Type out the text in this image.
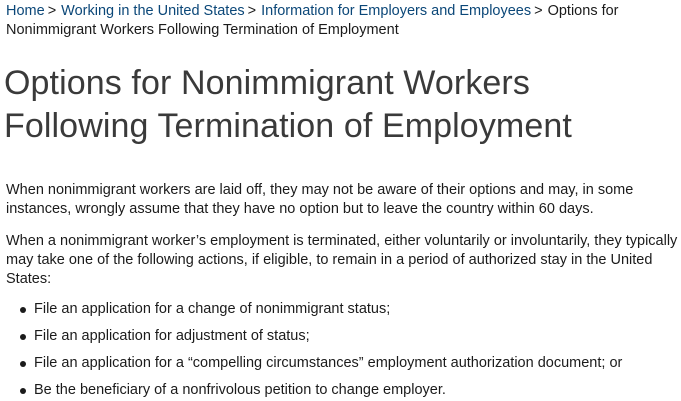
Home > Working in the United States > Information for Employers and Employees > Options for Nonimmigrant Workers Following Termination of Employment
Options for Nonimmigrant Workers Following Termination of Employment

When nonimmigrant workers are laid off, they may not be aware of their options and may, in some instances, wrongly assume that they have no option but to leave the country within 60 days.

When a nonimmigrant worker’s employment is terminated, either voluntarily or involuntarily, they typically may take one of the following actions, if eligible, to remain in a period of authorized stay in the United States:

File an application for a change of nonimmigrant status;
File an application for adjustment of status;
File an application for a “compelling circumstances” employment authorization document; or
Be the beneficiary of a nonfrivolous petition to change employer.
